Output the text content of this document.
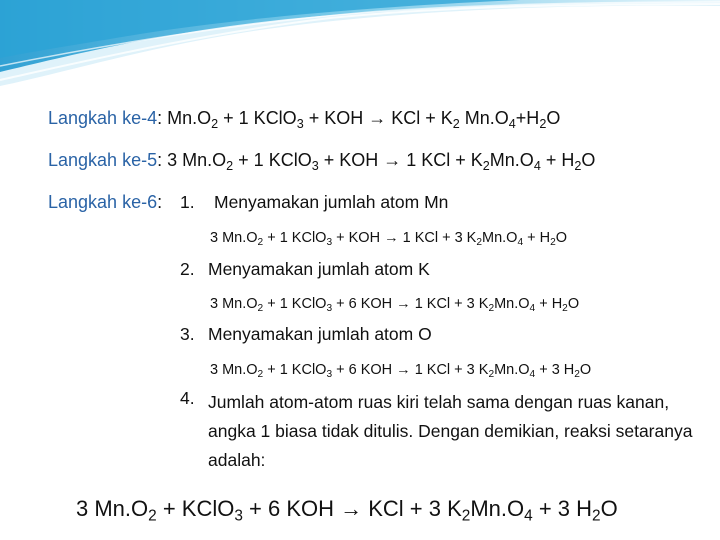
Langkah ke-4: $Mn.O_2 + 1$ KClO$_3$ + KOH → KCl + $K_2$ $Mn.O_4+H_2O$
Langkah ke-5: 3 $Mn.O_2 + 1$ KClO$_3$ + KOH → 1 KCl + $K_2Mn.O_4 + H_2O$
Langkah ke-6: 1. Menyamakan jumlah atom Mn
3 $Mn.O_2 + 1$ KClO$_3$ + KOH → 1 KCl + 3 $K_2Mn.O_4 + H_2O$
2. Menyamakan jumlah atom K
3 $Mn.O_2 + 1$ KClO$_3$ + 6 KOH → 1 KCl + 3 $K_2Mn.O_4 + H_2O$
3. Menyamakan jumlah atom O
3 $Mn.O_2 + 1$ KClO$_3$ + 6 KOH → 1 KCl + 3 $K_2Mn.O_4 + 3$ $H_2O$
4. Jumlah atom-atom ruas kiri telah sama dengan ruas kanan, angka 1 biasa tidak ditulis. Dengan demikian, reaksi setaranya adalah:
3 $Mn.O_2$ + KClO$_3$ + 6 KOH → KCl + 3 $K_2Mn.O_4 + 3$ $H_2O$
